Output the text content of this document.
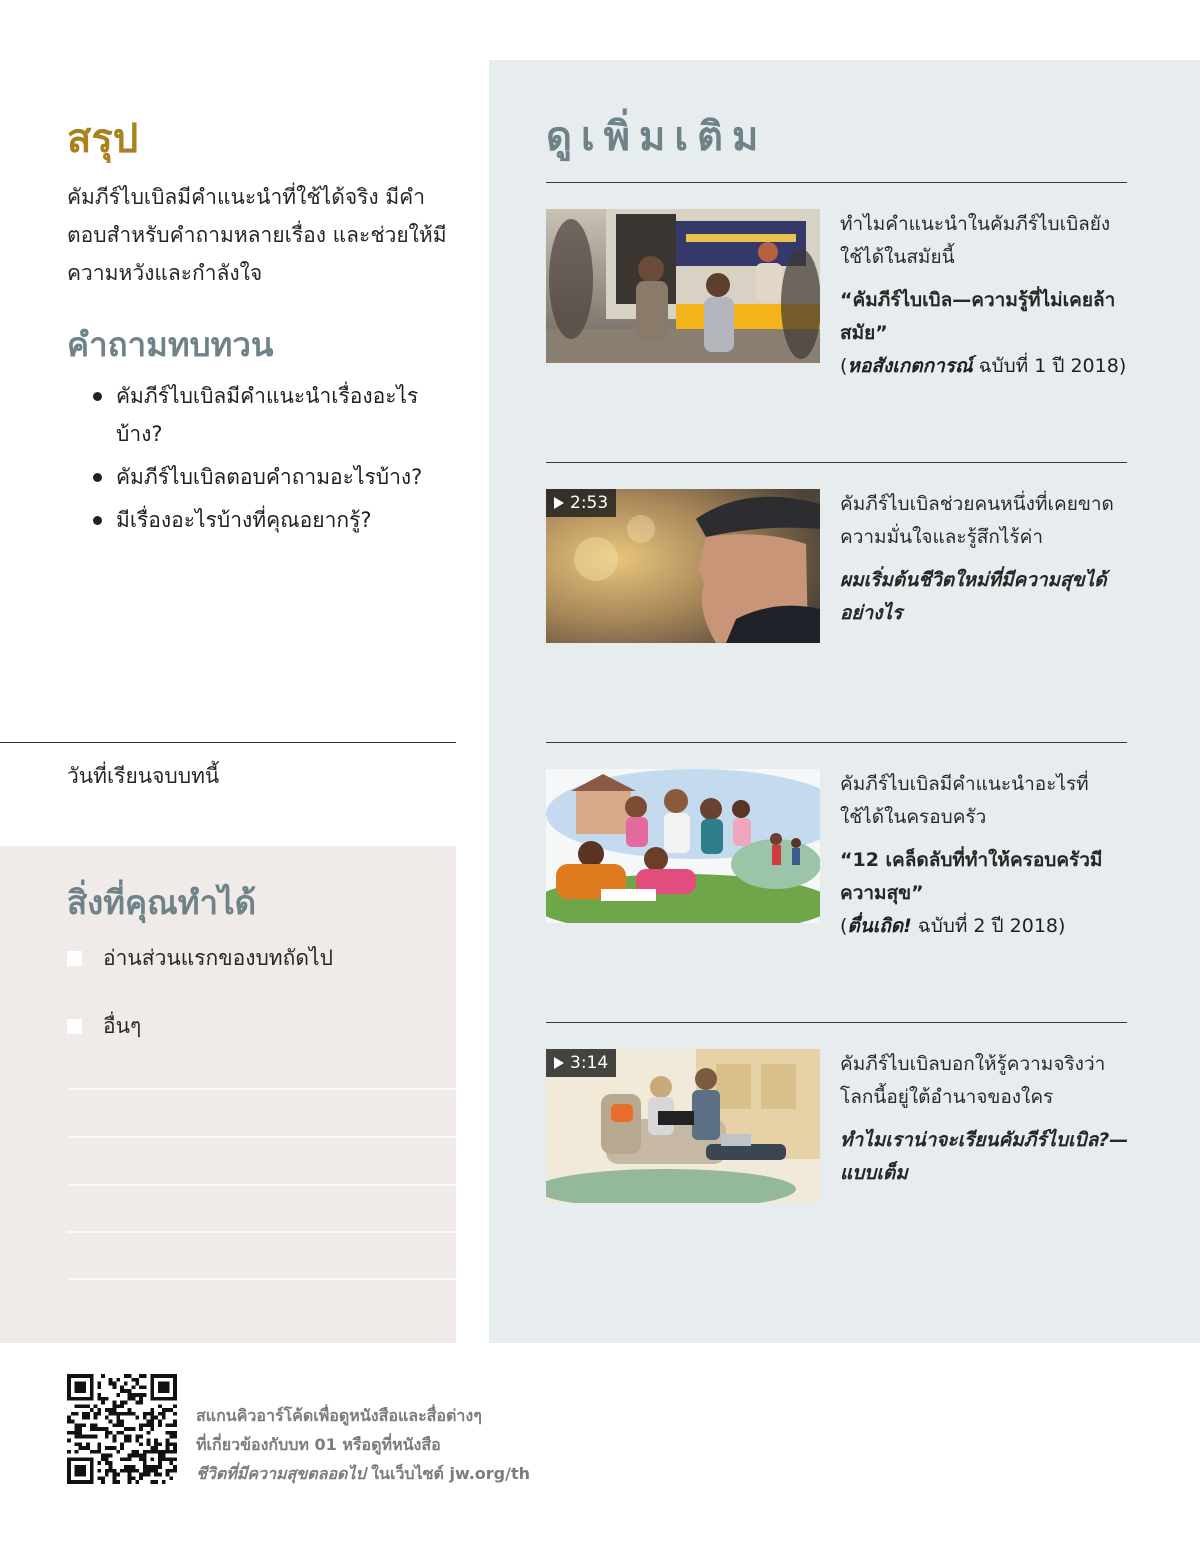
สรุป

คัมภีร์ไบเบิลมีคำแนะนำที่ใช้ได้จริง มีคำตอบสำหรับคำถามหลายเรื่อง และช่วยให้มีความหวังและกำลังใจ

คำถามทบทวน
คัมภีร์ไบเบิลมีคำแนะนำเรื่องอะไรบ้าง?
คัมภีร์ไบเบิลตอบคำถามอะไรบ้าง?
มีเรื่องอะไรบ้างที่คุณอยากรู้?

วันที่เรียนจบบทนี้

สิ่งที่คุณทำได้
อ่านส่วนแรกของบทถัดไป
อื่นๆ
ดูเพิ่มเติม

ทำไมคำแนะนำในคัมภีร์ไบเบิลยังใช้ได้ในสมัยนี้

“คัมภีร์ไบเบิล—ความรู้ที่ไม่เคยล้าสมัย”

(หอสังเกตการณ์ ฉบับที่ 1 ปี 2018)

2:53	คัมภีร์ไบเบิลช่วยคนหนึ่งที่เคยขาดความมั่นใจและรู้สึกไร้ค่า

ผมเริ่มต้นชีวิตใหม่ที่มีความสุขได้อย่างไร

คัมภีร์ไบเบิลมีคำแนะนำอะไรที่ใช้ได้ในครอบครัว

“12 เคล็ดลับที่ทำให้ครอบครัวมีความสุข”

(ตื่นเถิด! ฉบับที่ 2 ปี 2018)

3:14	คัมภีร์ไบเบิลบอกให้รู้ความจริงว่าโลกนี้อยู่ใต้อำนาจของใคร

ทำไมเราน่าจะเรียนคัมภีร์ไบเบิล?—แบบเต็ม

สแกนคิวอาร์โค้ดเพื่อดูหนังสือและสื่อต่างๆ
ที่เกี่ยวข้องกับบท 01 หรือดูที่หนังสือ
ชีวิตที่มีความสุขตลอดไป ในเว็บไซต์ jw.org/th
